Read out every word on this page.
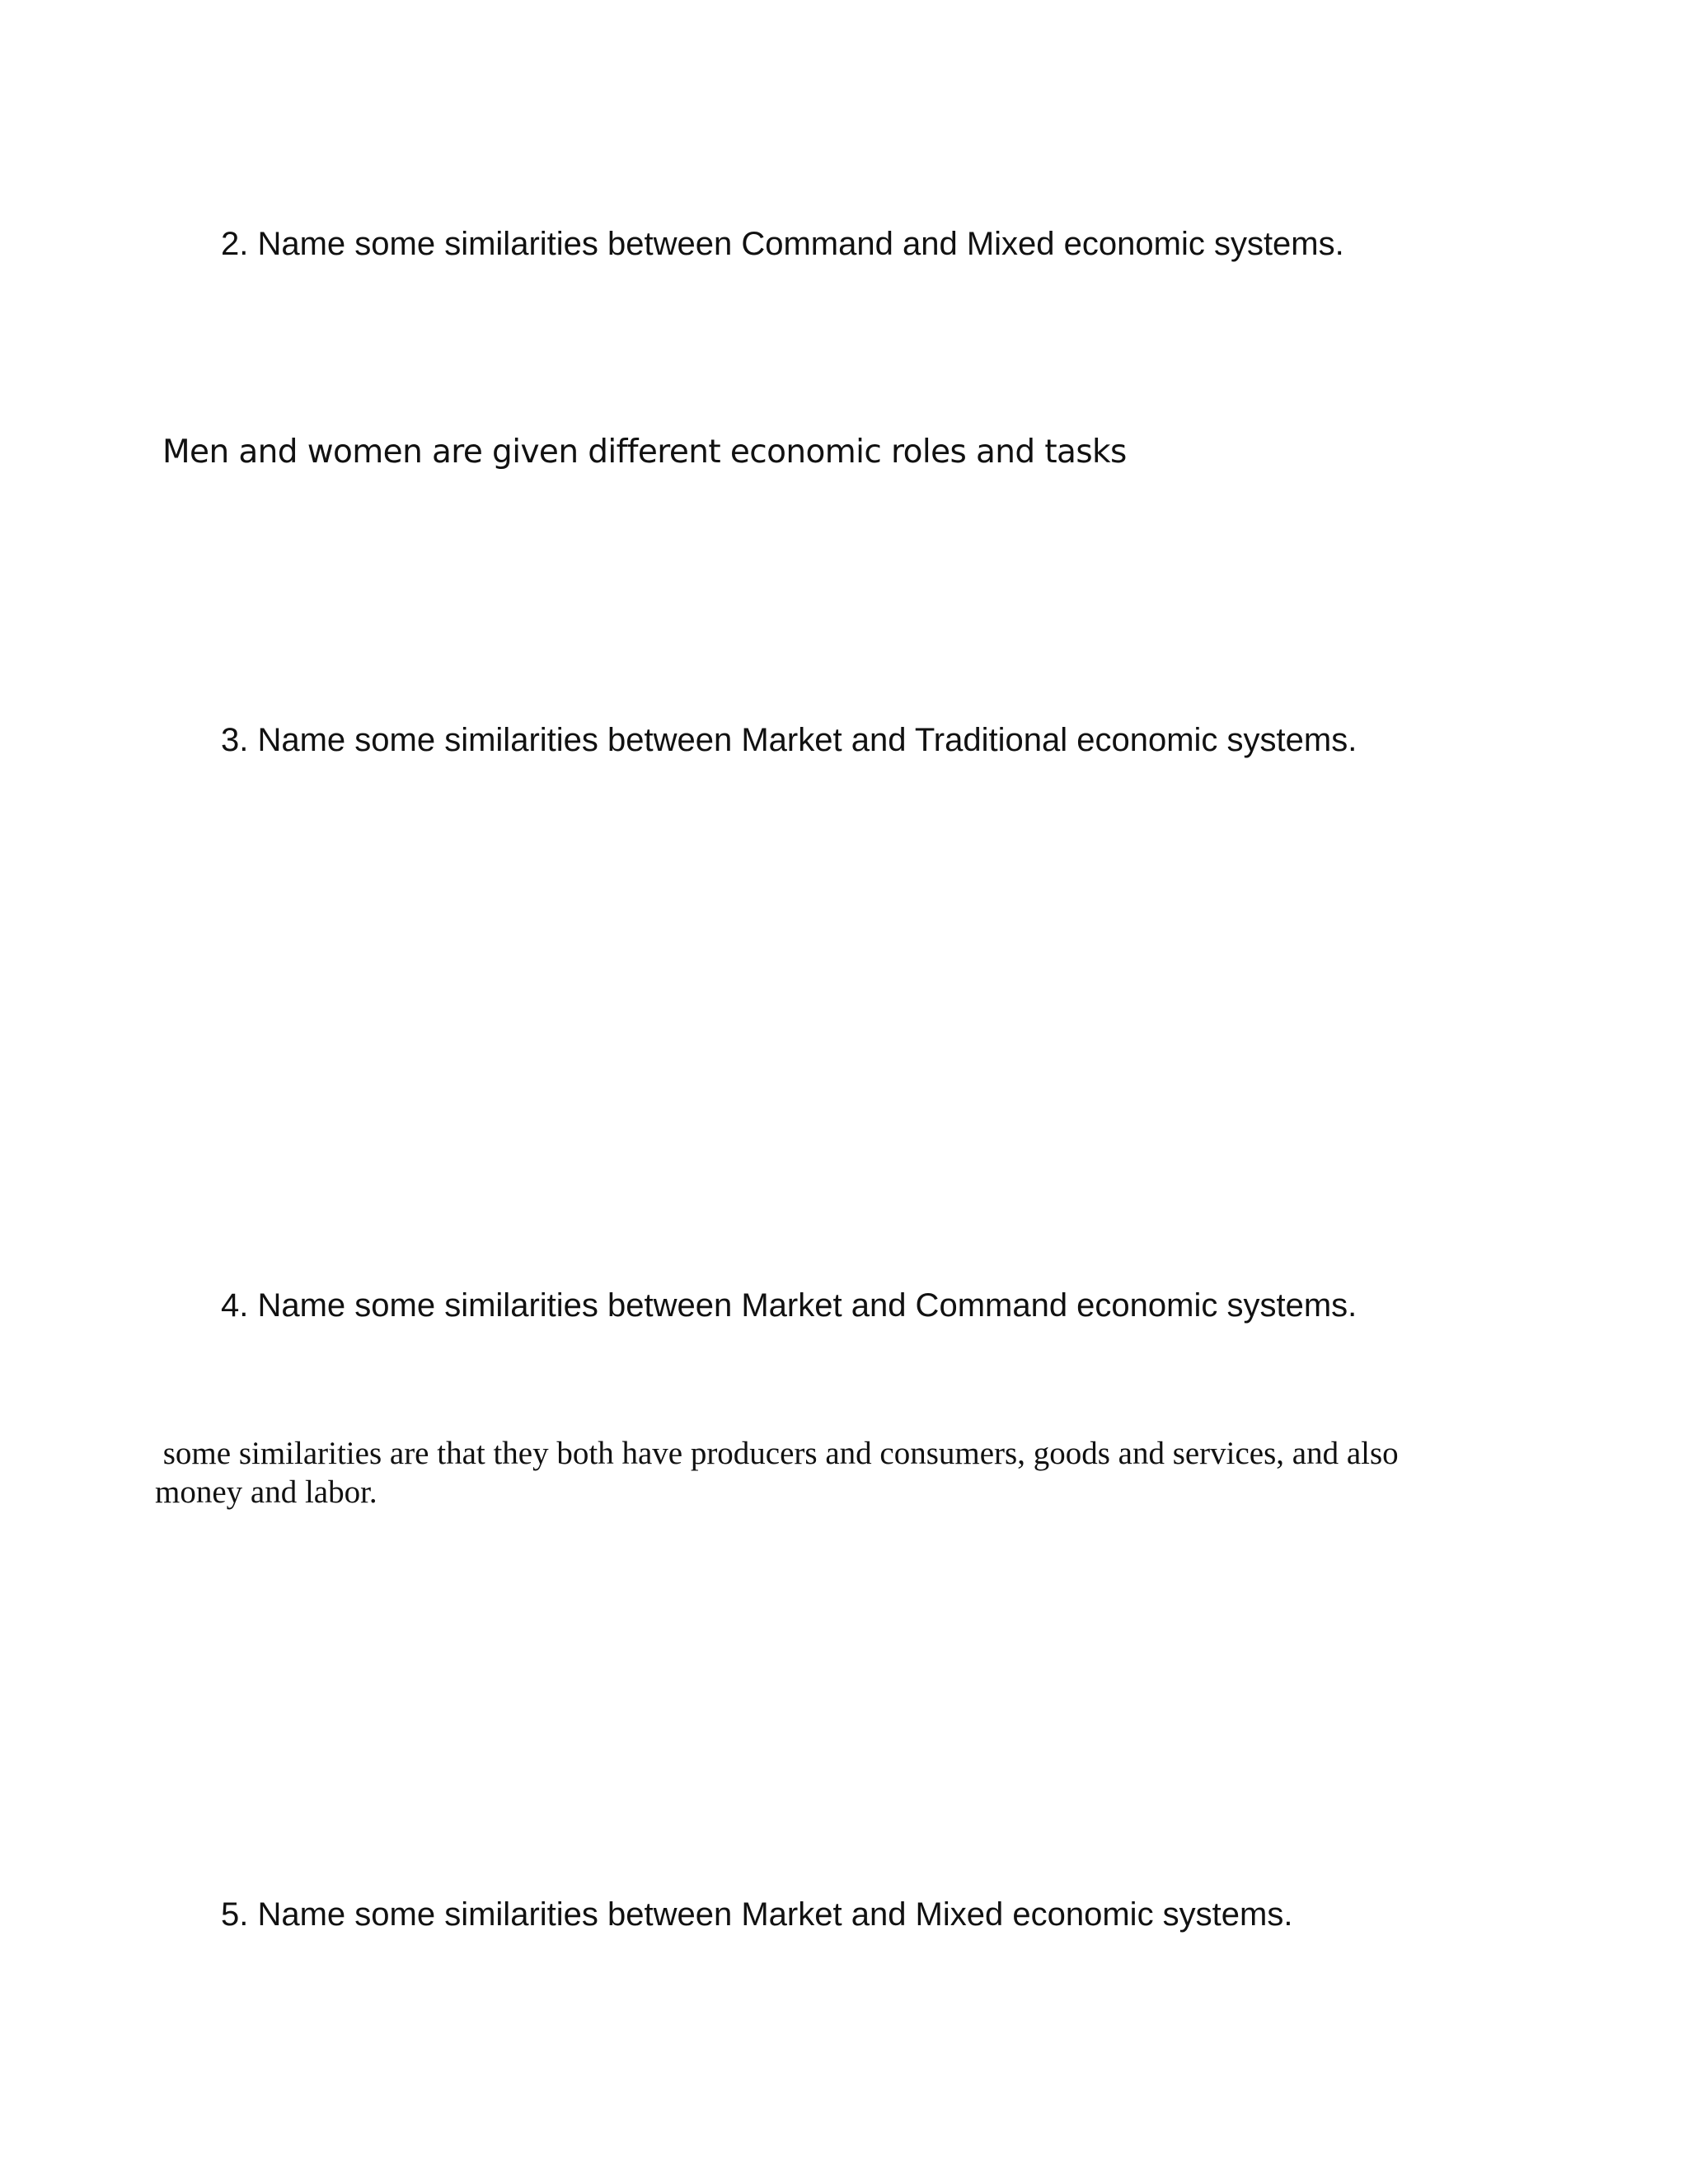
2. Name some similarities between Command and Mixed economic systems.

Men and women are given different economic roles and tasks

3. Name some similarities between Market and Traditional economic systems.

4. Name some similarities between Market and Command economic systems.

some similarities are that they both have producers and consumers, goods and services, and also
money and labor.

5. Name some similarities between Market and Mixed economic systems.
